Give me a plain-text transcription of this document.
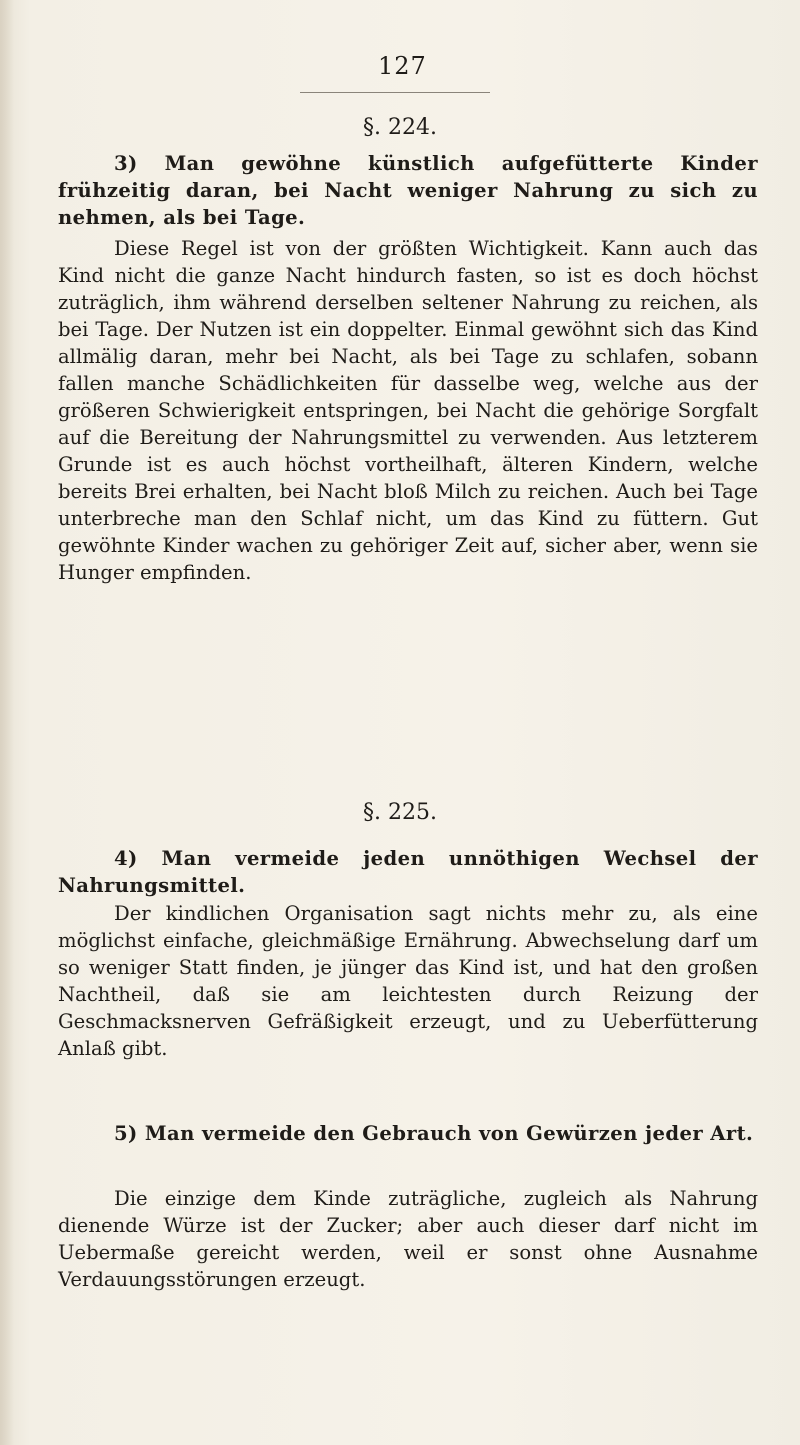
127
§. 224.

3) Man gewöhne künstlich aufgefütterte Kinder frühzeitig daran, bei Nacht weniger Nahrung zu sich zu nehmen, als bei Tage.

Diese Regel ist von der größten Wichtigkeit. Kann auch das Kind nicht die ganze Nacht hindurch fasten, so ist es doch höchst zuträglich, ihm während derselben seltener Nahrung zu reichen, als bei Tage. Der Nutzen ist ein doppelter. Einmal gewöhnt sich das Kind allmälig daran, mehr bei Nacht, als bei Tage zu schlafen, sobann fallen manche Schädlichkeiten für dasselbe weg, welche aus der größeren Schwierigkeit entspringen, bei Nacht die gehörige Sorgfalt auf die Bereitung der Nahrungsmittel zu verwenden. Aus letzterem Grunde ist es auch höchst vortheilhaft, älteren Kindern, welche bereits Brei erhalten, bei Nacht bloß Milch zu reichen. Auch bei Tage unterbreche man den Schlaf nicht, um das Kind zu füttern. Gut gewöhnte Kinder wachen zu gehöriger Zeit auf, sicher aber, wenn sie Hunger empfinden.

§. 225.

4) Man vermeide jeden unnöthigen Wechsel der Nahrungsmittel.

Der kindlichen Organisation sagt nichts mehr zu, als eine möglichst einfache, gleichmäßige Ernährung. Abwechselung darf um so weniger Statt finden, je jünger das Kind ist, und hat den großen Nachtheil, daß sie am leichtesten durch Reizung der Geschmacksnerven Gefräßigkeit erzeugt, und zu Ueberfütterung Anlaß gibt.

5) Man vermeide den Gebrauch von Gewürzen jeder Art.

Die einzige dem Kinde zuträgliche, zugleich als Nahrung dienende Würze ist der Zucker; aber auch dieser darf nicht im Uebermaße gereicht werden, weil er sonst ohne Ausnahme Verdauungsstörungen erzeugt.
